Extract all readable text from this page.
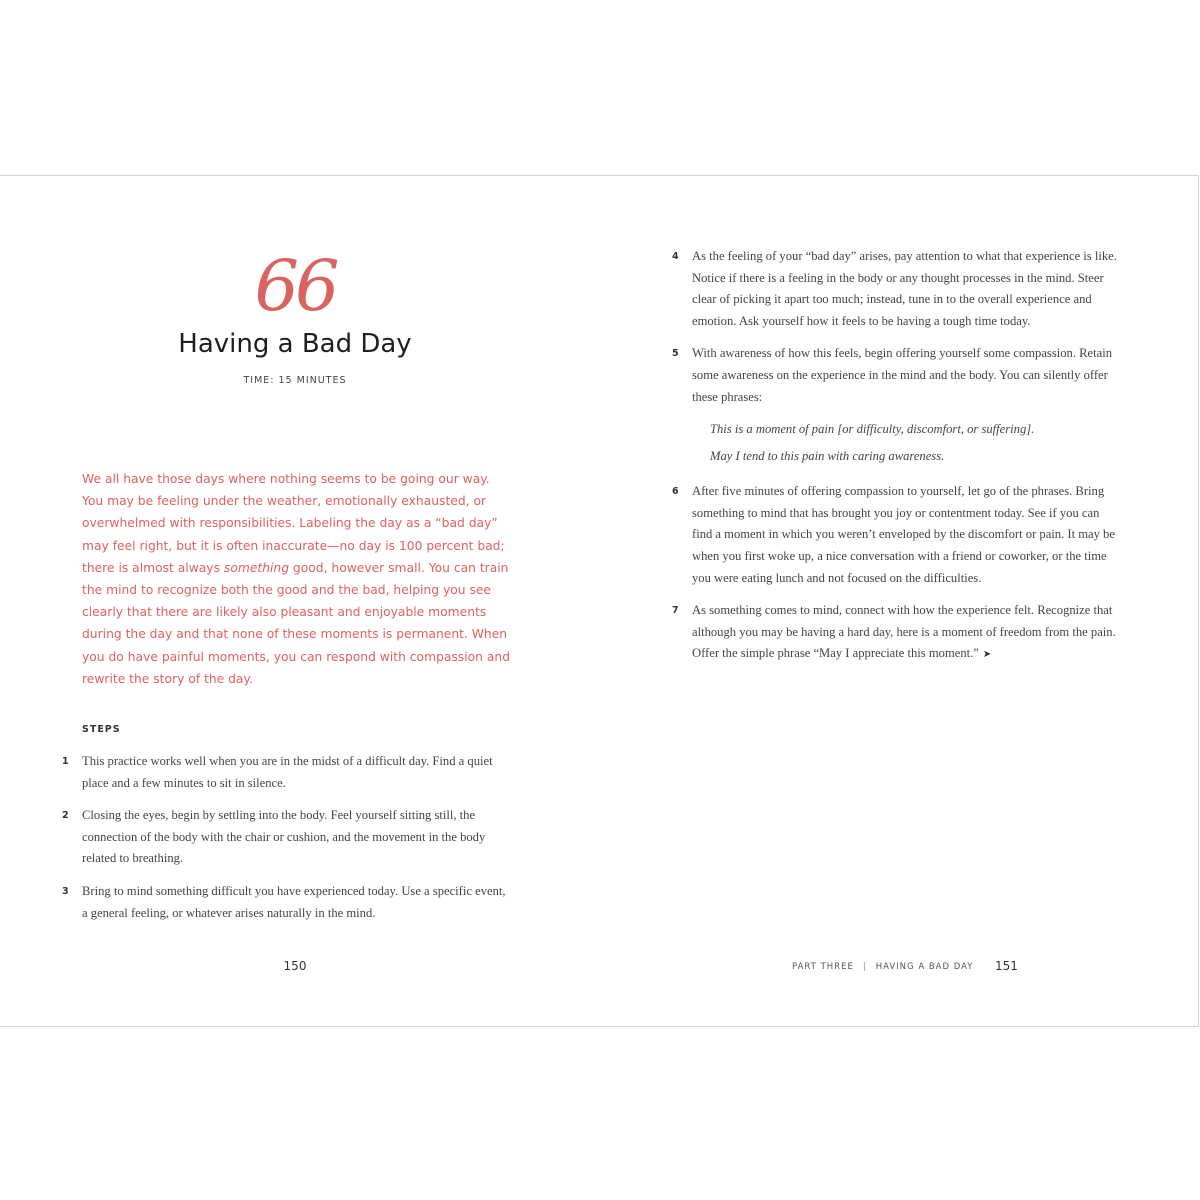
66
Having a Bad Day
TIME: 15 MINUTES

We all have those days where nothing seems to be going our way. You may be feeling under the weather, emotionally exhausted, or overwhelmed with responsibilities. Labeling the day as a “bad day” may feel right, but it is often inaccurate—no day is 100 percent bad; there is almost always something good, however small. You can train the mind to recognize both the good and the bad, helping you see clearly that there are likely also pleasant and enjoyable moments during the day and that none of these moments is permanent. When you do have painful moments, you can respond with compassion and rewrite the story of the day.

STEPS
1 This practice works well when you are in the midst of a difficult day. Find a quiet place and a few minutes to sit in silence.
2 Closing the eyes, begin by settling into the body. Feel yourself sitting still, the connection of the body with the chair or cushion, and the movement in the body related to breathing.
3 Bring to mind something difficult you have experienced today. Use a specific event, a general feeling, or whatever arises naturally in the mind.
150
4 As the feeling of your “bad day” arises, pay attention to what that experience is like. Notice if there is a feeling in the body or any thought processes in the mind. Steer clear of picking it apart too much; instead, tune in to the overall experience and emotion. Ask yourself how it feels to be having a tough time today.
5 With awareness of how this feels, begin offering yourself some compassion. Retain some awareness on the experience in the mind and the body. You can silently offer these phrases:
This is a moment of pain [or difficulty, discomfort, or suffering].
May I tend to this pain with caring awareness.
6 After five minutes of offering compassion to yourself, let go of the phrases. Bring something to mind that has brought you joy or contentment today. See if you can find a moment in which you weren’t enveloped by the discomfort or pain. It may be when you first woke up, a nice conversation with a friend or coworker, or the time you were eating lunch and not focused on the difficulties.
7 As something comes to mind, connect with how the experience felt. Recognize that although you may be having a hard day, here is a moment of freedom from the pain. Offer the simple phrase “May I appreciate this moment.” ➤
PART THREE | HAVING A BAD DAY 151
